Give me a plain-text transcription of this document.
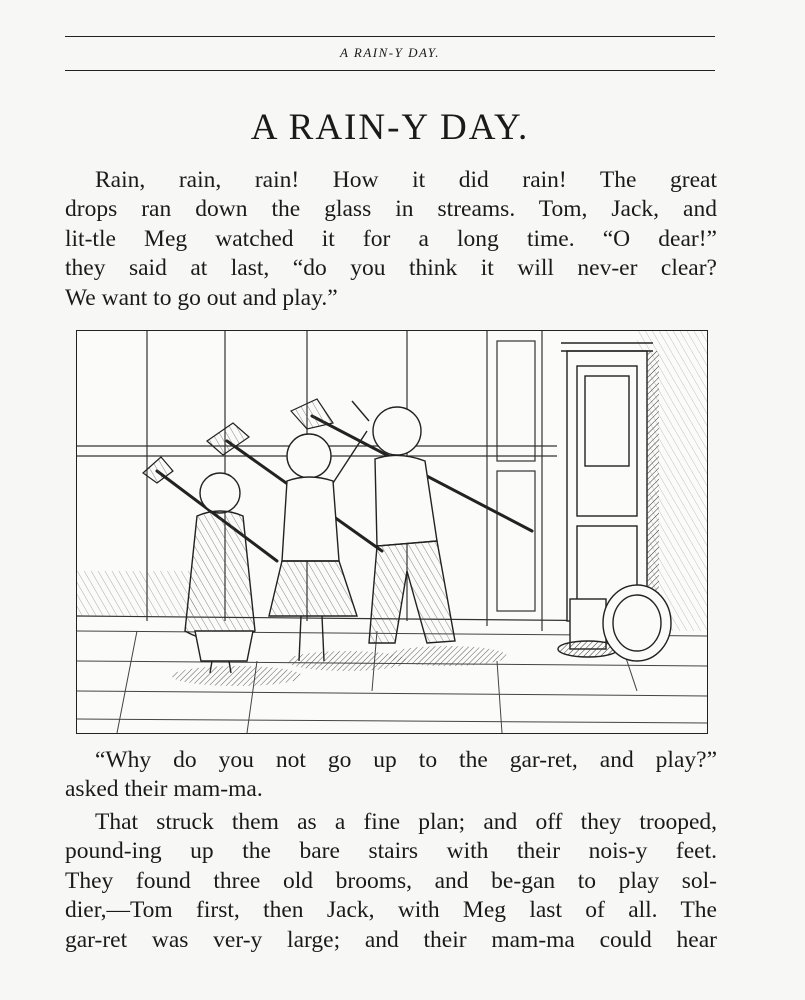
A RAIN-Y DAY.
A RAIN-Y DAY.
Rain, rain, rain! How it did rain! The great
drops ran down the glass in streams. Tom, Jack, and
lit-tle Meg watched it for a long time. “O dear!”
they said at last, “do you think it will nev-er clear?
We want to go out and play.”
“Why do you not go up to the gar-ret, and play?”
asked their mam-ma.
That struck them as a fine plan; and off they trooped,
pound-ing up the bare stairs with their nois-y feet.
They found three old brooms, and be-gan to play sol-
dier,—Tom first, then Jack, with Meg last of all. The
gar-ret was ver-y large; and their mam-ma could hear
